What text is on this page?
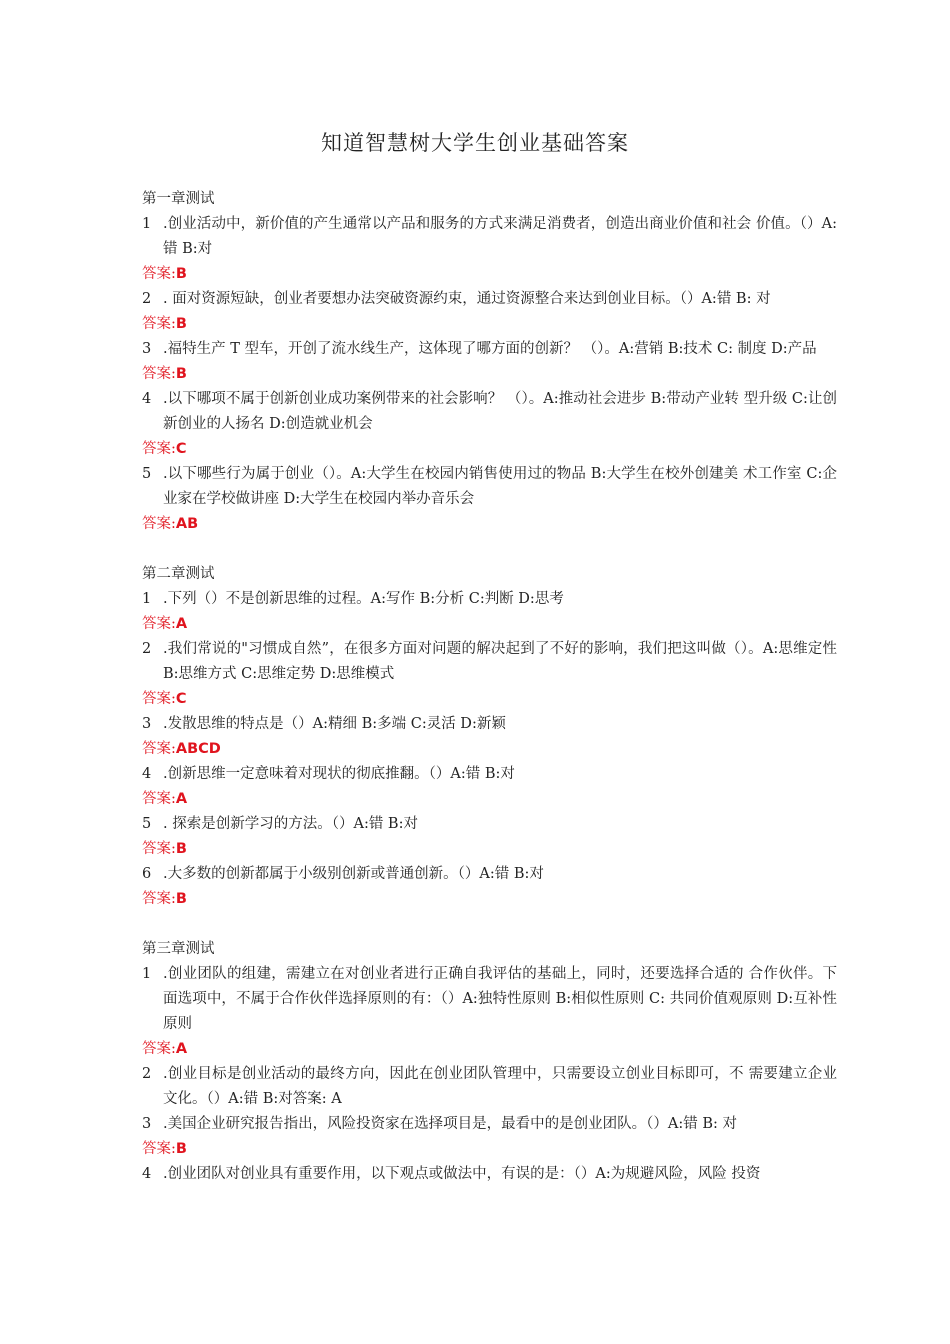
知道智慧树大学生创业基础答案
第一章测试
1 .创业活动中，新价值的产生通常以产品和服务的方式来满足消费者，创造出商业价值和社会 价值。（）A:错 B:对
答案:B
2 . 面对资源短缺，创业者要想办法突破资源约束，通过资源整合来达到创业目标。（）A:错 B: 对
答案:B
3 .福特生产 T 型车，开创了流水线生产，这体现了哪方面的创新？ （）。A:营销 B:技术 C: 制度 D:产品
答案:B
4 .以下哪项不属于创新创业成功案例带来的社会影响？ （）。A:推动社会进步 B:带动产业转 型升级 C:让创新创业的人扬名 D:创造就业机会
答案:C
5 .以下哪些行为属于创业（）。A:大学生在校园内销售使用过的物品 B:大学生在校外创建美 术工作室 C:企业家在学校做讲座 D:大学生在校园内举办音乐会
答案:AB
第二章测试
1 .下列（）不是创新思维的过程。A:写作 B:分析 C:判断 D:思考
答案:A
2 .我们常说的"习惯成自然”，在很多方面对问题的解决起到了不好的影响，我们把这叫做（）。A:思维定性 B:思维方式 C:思维定势 D:思维模式
答案:C
3 .发散思维的特点是（）A:精细 B:多端 C:灵活 D:新颖
答案:ABCD
4 .创新思维一定意味着对现状的彻底推翻。（）A:错 B:对
答案:A
5 . 探索是创新学习的方法。（）A:错 B:对
答案:B
6 .大多数的创新都属于小级别创新或普通创新。（）A:错 B:对
答案:B
第三章测试
1 .创业团队的组建，需建立在对创业者进行正确自我评估的基础上，同时，还要选择合适的 合作伙伴。下面选项中，不属于合作伙伴选择原则的有：（）A:独特性原则 B:相似性原则 C: 共同价值观原则 D:互补性原则
答案:A
2 .创业目标是创业活动的最终方向，因此在创业团队管理中，只需要设立创业目标即可，不 需要建立企业文化。（）A:错 B:对答案: A
3 .美国企业研究报告指出，风险投资家在选择项目是，最看中的是创业团队。（）A:错 B: 对
答案:B
4 .创业团队对创业具有重要作用，以下观点或做法中，有误的是：（）A:为规避风险，风险 投资
